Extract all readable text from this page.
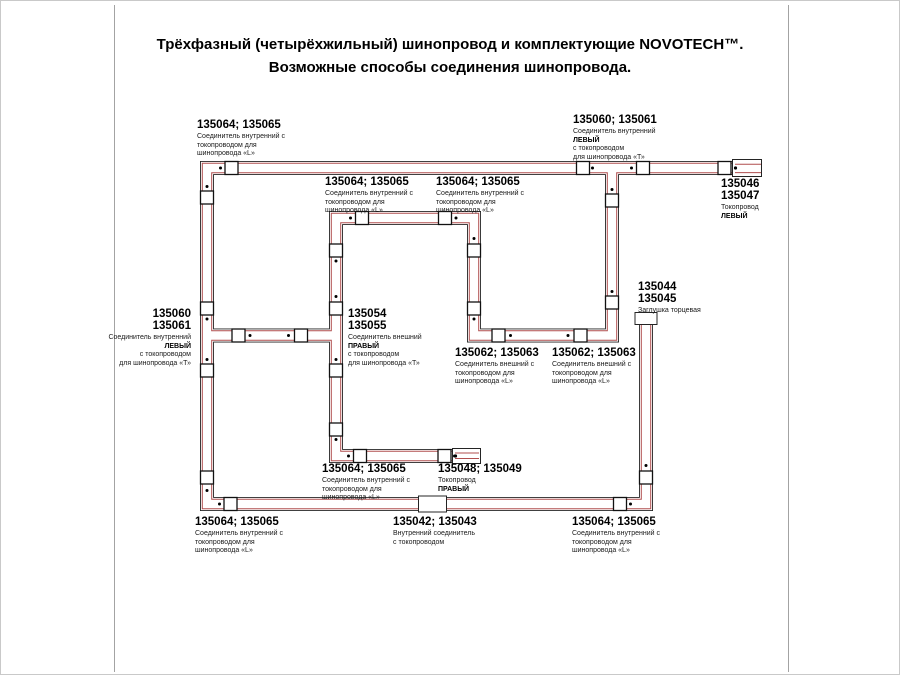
Трёхфазный (четырёхжильный) шинопровод и комплектующие NOVOTECH™.
Возможные способы соединения шинопровода.
135064; 135065
Соединитель внутренний с
токопроводом для
шинопровода «L»
135060; 135061
Соединитель внутренний
ЛЕВЫЙ
с токопроводом
для шинопровода «Т»
135046
135047
Токопровод
ЛЕВЫЙ
135064; 135065
Соединитель внутренний с
токопроводом для
шинопровода «L»
135064; 135065
Соединитель внутренний с
токопроводом для
шинопровода «L»
135044
135045
Заглушка торцевая
135054
135055
Соединитель внешний
ПРАВЫЙ
с токопроводом
для шинопровода «Т»
135060
135061
Соединитель внутренний
ЛЕВЫЙ
с токопроводом
для шинопровода «Т»
135062; 135063
Соединитель внешний с
токопроводом для
шинопровода «L»
135062; 135063
Соединитель внешний с
токопроводом для
шинопровода «L»
135064; 135065
Соединитель внутренний с
токопроводом для
шинопровода «L»
135048; 135049
Токопровод
ПРАВЫЙ
135064; 135065
Соединитель внутренний с
токопроводом для
шинопровода «L»
135042; 135043
Внутренний соединитель
с токопроводом
135064; 135065
Соединитель внутренний с
токопроводом для
шинопровода «L»
